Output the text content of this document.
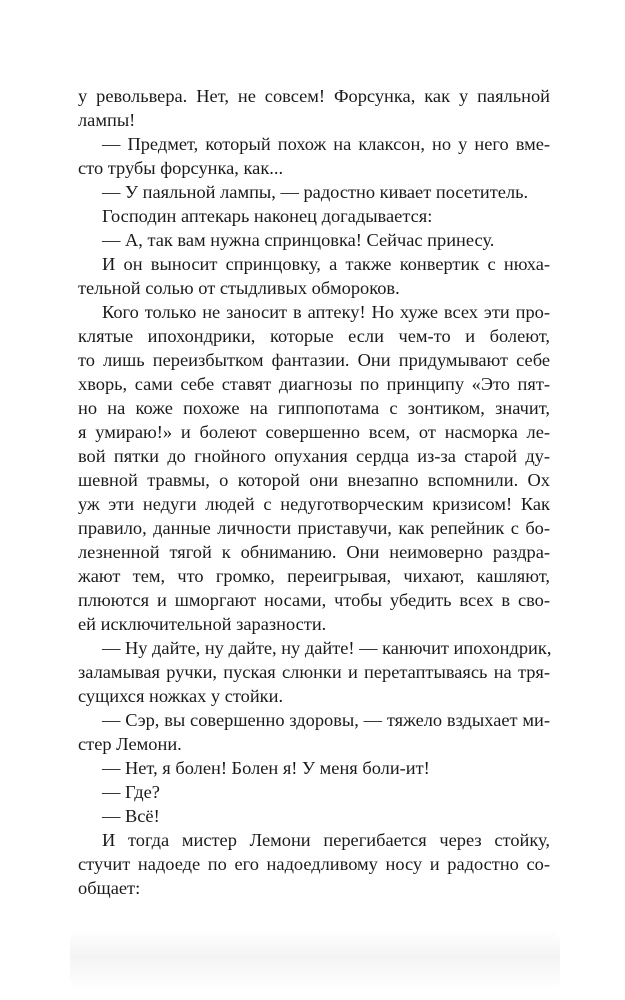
у револьвера. Нет, не совсем! Форсунка, как у паяльной
лампы!
— Предмет, который похож на клаксон, но у него вме-
сто трубы форсунка, как...
— У паяльной лампы, — радостно кивает посетитель.
Господин аптекарь наконец догадывается:
— А, так вам нужна спринцовка! Сейчас принесу.
И он выносит спринцовку, а также конвертик с нюха-
тельной солью от стыдливых обмороков.
Кого только не заносит в аптеку! Но хуже всех эти про-
клятые ипохондрики, которые если чем-то и болеют,
то лишь переизбытком фантазии. Они придумывают себе
хворь, сами себе ставят диагнозы по принципу «Это пят-
но на коже похоже на гиппопотама с зонтиком, значит,
я умираю!» и болеют совершенно всем, от насморка ле-
вой пятки до гнойного опухания сердца из-за старой ду-
шевной травмы, о которой они внезапно вспомнили. Ох
уж эти недуги людей с недуготворческим кризисом! Как
правило, данные личности приставучи, как репейник с бо-
лезненной тягой к обниманию. Они неимоверно раздра-
жают тем, что громко, переигрывая, чихают, кашляют,
плюются и шморгают носами, чтобы убедить всех в сво-
ей исключительной заразности.
— Ну дайте, ну дайте, ну дайте! — канючит ипохондрик,
заламывая ручки, пуская слюнки и перетаптываясь на тря-
сущихся ножках у стойки.
— Сэр, вы совершенно здоровы, — тяжело вздыхает ми-
стер Лемони.
— Нет, я болен! Болен я! У меня боли-ит!
— Где?
— Всё!
И тогда мистер Лемони перегибается через стойку,
стучит надоеде по его надоедливому носу и радостно со-
общает:
